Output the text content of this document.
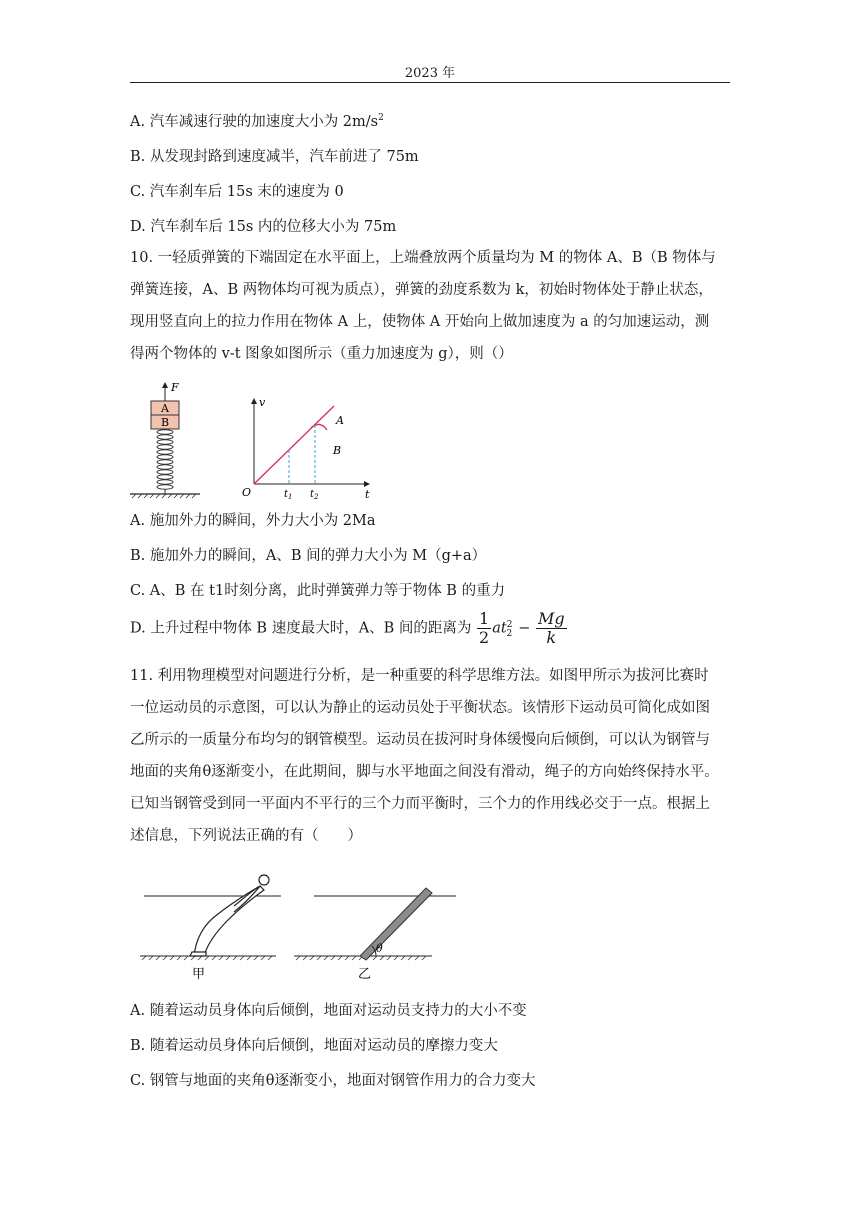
2023 年
A. 汽车减速行驶的加速度大小为 $2m/s^2$
B. 从发现封路到速度减半，汽车前进了 75m
C. 汽车刹车后 15s 末的速度为 0
D. 汽车刹车后 15s 内的位移大小为 75m
10. 一轻质弹簧的下端固定在水平面上，上端叠放两个质量均为 M 的物体 A、B（B 物体与
弹簧连接，A、B 两物体均可视为质点），弹簧的劲度系数为 k，初始时物体处于静止状态，
现用竖直向上的拉力作用在物体 A 上，使物体 A 开始向上做加速度为 a 的匀加速运动，测
得两个物体的 v-t 图象如图所示（重力加速度为 g），则（）
A
B
F
v
t
O
A
B
$t_1$ $t_2$
A. 施加外力的瞬间，外力大小为 2Ma
B. 施加外力的瞬间，A、B 间的弹力大小为 M（g+a）
C. A、B 在 t1时刻分离，此时弹簧弹力等于物体 B 的重力
D. 上升过程中物体 B 速度最大时，A、B 间的距离为 $\frac{1}{2} at^2_2 - \frac{Mg}{k}$
11. 利用物理模型对问题进行分析，是一种重要的科学思维方法。如图甲所示为拔河比赛时
一位运动员的示意图，可以认为静止的运动员处于平衡状态。该情形下运动员可简化成如图
乙所示的一质量分布均匀的钢管模型。运动员在拔河时身体缓慢向后倾倒，可以认为钢管与
地面的夹角θ逐渐变小，在此期间，脚与水平地面之间没有滑动，绳子的方向始终保持水平。
已知当钢管受到同一平面内不平行的三个力而平衡时，三个力的作用线必交于一点。根据上
述信息，下列说法正确的有（　　）
甲
θ
乙
A. 随着运动员身体向后倾倒，地面对运动员支持力的大小不变
B. 随着运动员身体向后倾倒，地面对运动员的摩擦力变大
C. 钢管与地面的夹角θ逐渐变小，地面对钢管作用力的合力变大
